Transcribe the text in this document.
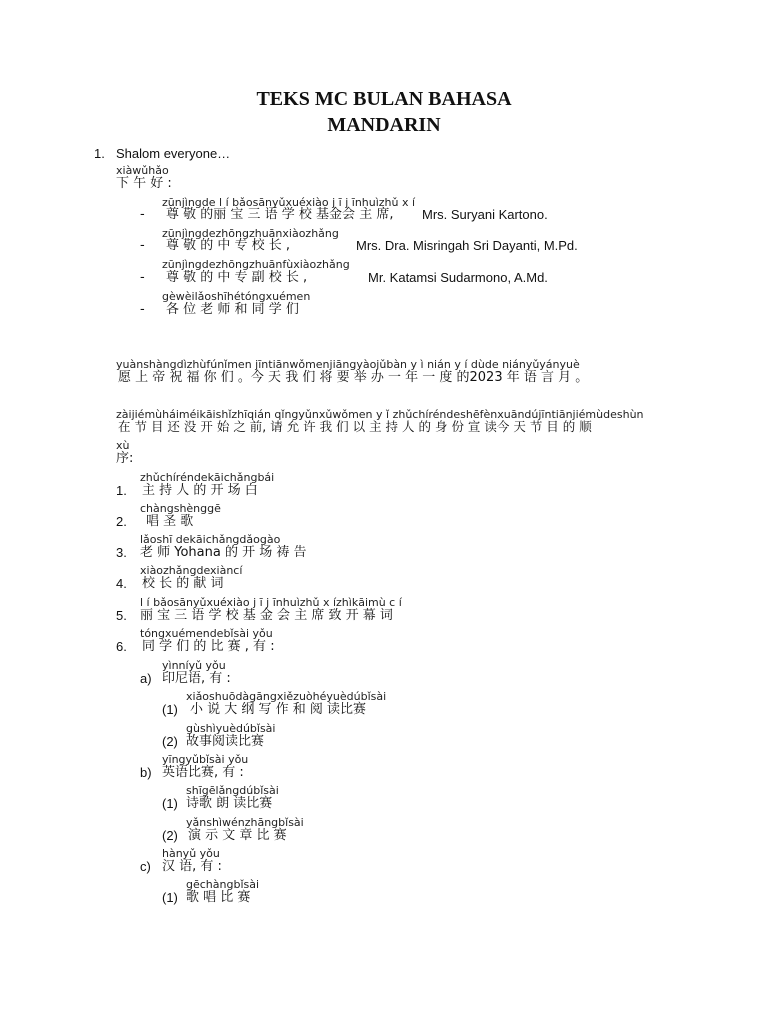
TEKS MC BULAN BAHASA
MANDARIN
1. Shalom everyone…
xiàwǔhǎo
下 午 好 :
zūnjìngde l í bǎosānyǔxuéxiào j ī j īnhuìzhǔ x í
- 尊 敬 的丽 宝 三 语 学 校 基金会 主 席, Mrs. Suryani Kartono.
zūnjìngdezhōngzhuānxiàozhǎng
- 尊 敬 的 中 专 校 长 ,	Mrs. Dra. Misringah Sri Dayanti, M.Pd.
zūnjìngdezhōngzhuānfùxiàozhǎng
- 尊 敬 的 中 专 副 校 长 ,	Mr. Katamsi Sudarmono, A.Md.
gèwèilǎoshīhétóngxuémen
- 各 位 老 师 和 同 学 们
yuànshàngdìzhùfúnǐmen jīntiānwǒmenjiāngyàojǔbàn y ì nián y í dùde niányǔyányuè
愿 上 帝 祝 福 你 们 。今 天 我 们 将 要 举 办 一 年 一 度 的2023 年 语 言 月 。
zàijiémùháiméikāishǐzhīqián qǐngyǔnxǔwǒmen y ǐ zhǔchíréndeshēfènxuāndújīntiānjiémùdeshùn
在 节 目 还 没 开 始 之 前, 请 允 许 我 们 以 主 持 人 的 身 份 宣 读今 天 节 目 的 顺
xù
序:
zhǔchíréndekāichǎngbái
1. 主 持 人 的 开 场 白
chàngshènggē
2. 唱 圣 歌
lǎoshī dekāichǎngdǎogào
3. 老 师 Yohana 的 开 场 祷 告
xiàozhǎngdexiàncí
4. 校 长 的 献 词
l í bǎosānyǔxuéxiào j ī j īnhuìzhǔ x ízhìkāimù c í
5. 丽 宝 三 语 学 校 基 金 会 主 席 致 开 幕 词
tóngxuémendebǐsài yǒu
6. 同 学 们 的 比 赛 , 有 :
yìnníyǔ yǒu
a) 印尼语, 有 :
xiǎoshuōdàgāngxiězuòhéyuèdúbǐsài
(1) 小 说 大 纲 写 作 和 阅 读比赛
gùshìyuèdúbǐsài
(2) 故事阅读比赛
yīngyǔbǐsài yǒu
b) 英语比赛, 有 :
shīgēlǎngdúbǐsài
(1) 诗歌 朗 读比赛
yǎnshìwénzhāngbǐsài
(2) 演 示 文 章 比 赛
hànyǔ yǒu
c) 汉 语, 有 :
gēchàngbǐsài
(1) 歌 唱 比 赛
